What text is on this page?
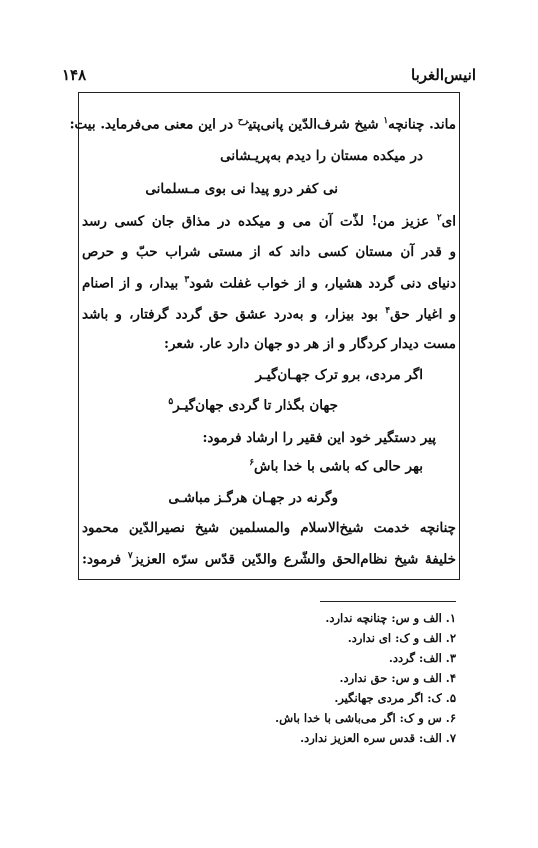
انیس‌الغربا
۱۴۸
ماند. چنانچه$^۱$ شیخ شرف‌الدّین پانی‌پتی$^{رح}$ در این معنی می‌فرماید. بیت:
در میکده مستان را دیدم به‌پریـشانی
نی کفر درو پیدا نی بوی مـسلمانی
ای$^۲$ عزیز من! لذّت آن می و میکده در مذاق جان کسی رسد
و قدر آن مستان کسی داند که از مستی شراب حبّ و حرص
دنیای دنی گردد هشیار، و از خواب غفلت شود$^۳$ بیدار، و از اصنام
و اغیار حق$^۴$ بود بیزار، و به‌درد عشق حق گردد گرفتار، و باشد
مست دیدار کردگار و از هر دو جهان دارد عار. شعر:
اگر مردی، برو ترک جهـان‌گیـر
جهان بگذار تا گردی جهان‌گیـر$^۵$
پیر دستگیر خود این فقیر را ارشاد فرمود:
بهر حالی که باشی با خدا باش$^۶$
وگرنه در جهـان هرگـز مباشـی
چنانچه خدمت شیخ‌الاسلام والمسلمین شیخ نصیرالدّین محمود
خلیفهٔ شیخ نظام‌الحق والشّرع والدّین قدّس سرّه العزیز$^۷$ فرمود:
۱. الف و س: چنانچه ندارد.
۲. الف و ک: ای ندارد.
۳. الف: گردد.
۴. الف و س: حق ندارد.
۵. ک: اگر مردی جهانگیر.
۶. س و ک: اگر می‌باشی با خدا باش.
۷. الف: قدس سره العزیز ندارد.
